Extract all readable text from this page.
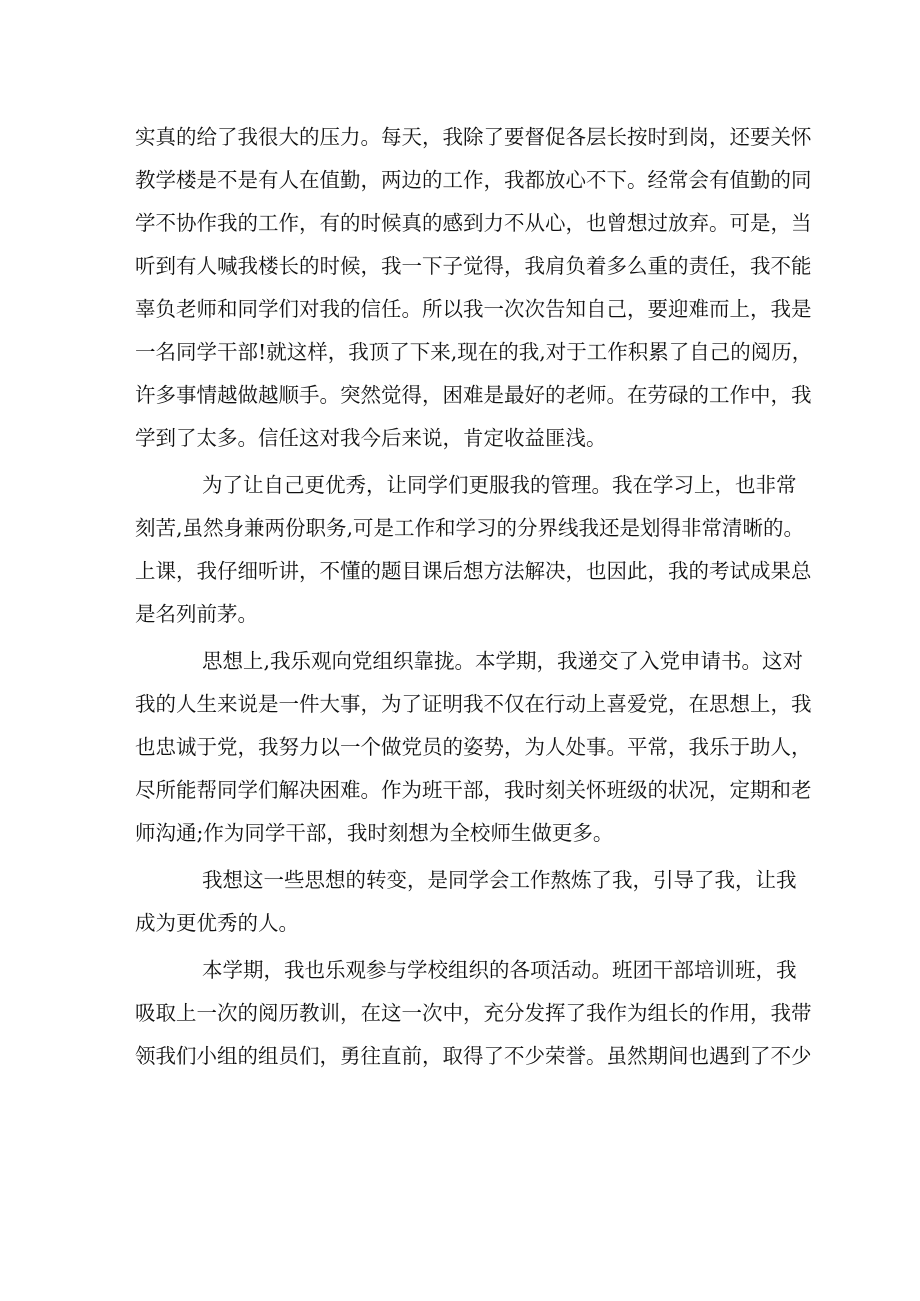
实真的给了我很大的压力。每天，我除了要督促各层长按时到岗，还要关怀
教学楼是不是有人在值勤，两边的工作，我都放心不下。经常会有值勤的同
学不协作我的工作，有的时候真的感到力不从心，也曾想过放弃。可是，当
听到有人喊我楼长的时候，我一下子觉得，我肩负着多么重的责任，我不能
辜负老师和同学们对我的信任。所以我一次次告知自己，要迎难而上，我是
一名同学干部!就这样，我顶了下来,现在的我,对于工作积累了自己的阅历，
许多事情越做越顺手。突然觉得，困难是最好的老师。在劳碌的工作中，我
学到了太多。信任这对我今后来说，肯定收益匪浅。
为了让自己更优秀，让同学们更服我的管理。我在学习上，也非常
刻苦,虽然身兼两份职务,可是工作和学习的分界线我还是划得非常清晰的。
上课，我仔细听讲，不懂的题目课后想方法解决，也因此，我的考试成果总
是名列前茅。
思想上,我乐观向党组织靠拢。本学期，我递交了入党申请书。这对
我的人生来说是一件大事，为了证明我不仅在行动上喜爱党，在思想上，我
也忠诚于党，我努力以一个做党员的姿势，为人处事。平常，我乐于助人，
尽所能帮同学们解决困难。作为班干部，我时刻关怀班级的状况，定期和老
师沟通;作为同学干部，我时刻想为全校师生做更多。
我想这一些思想的转变，是同学会工作熬炼了我，引导了我，让我
成为更优秀的人。
本学期，我也乐观参与学校组织的各项活动。班团干部培训班，我
吸取上一次的阅历教训，在这一次中，充分发挥了我作为组长的作用，我带
领我们小组的组员们，勇往直前，取得了不少荣誉。虽然期间也遇到了不少
